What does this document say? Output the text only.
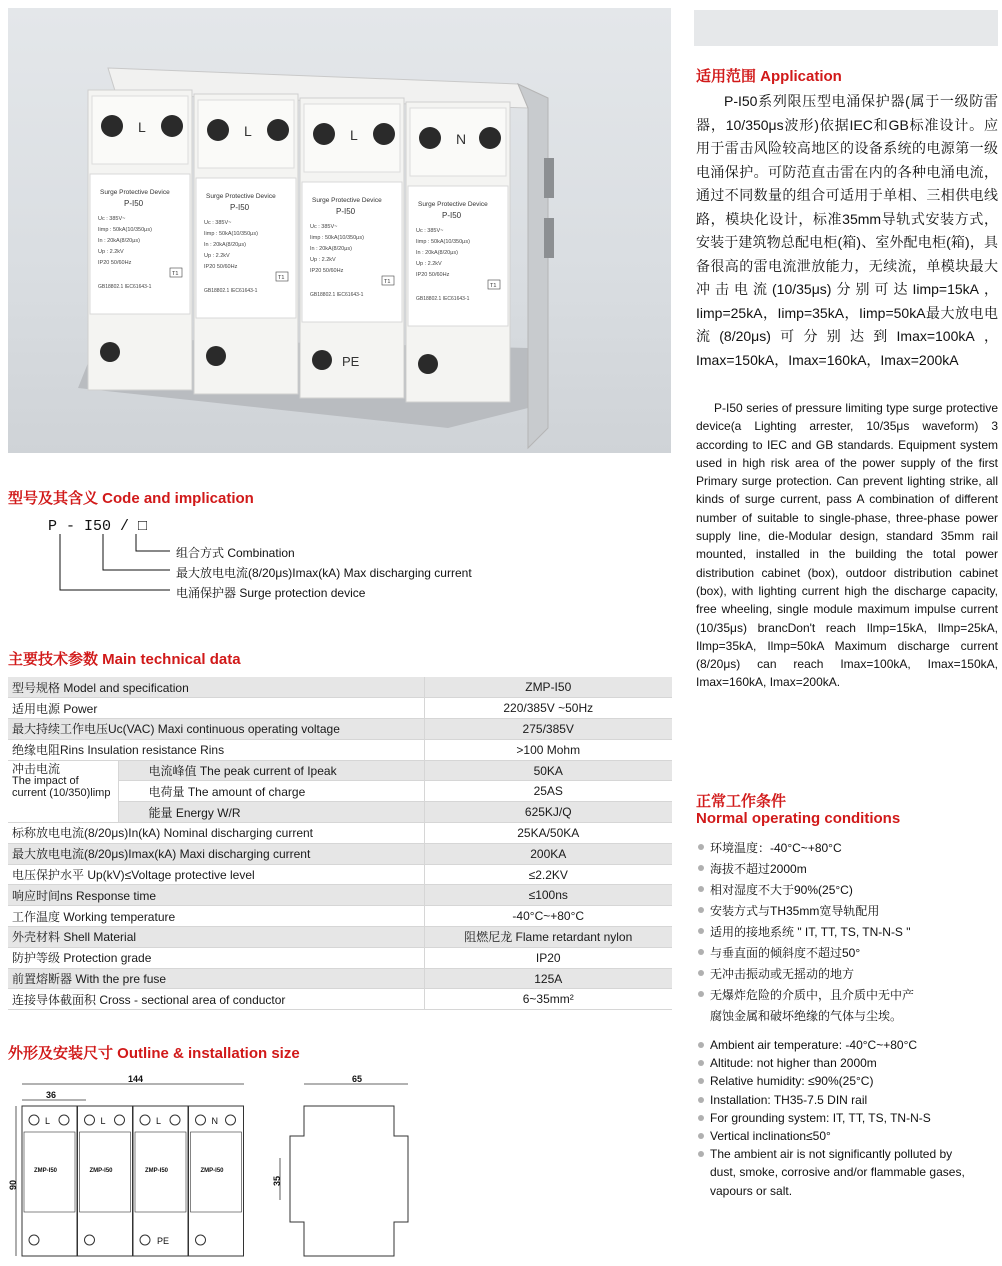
L
Surge Protective Device
P-I50
Uc : 385V~
Iimp : 50kA(10/350μs)
In : 20kA(8/20μs)
Up : 2.2kV
IP20 50/60Hz
T1
GB18802.1 IEC61643-1
L
Surge Protective Device
P-I50
Uc : 385V~
Iimp : 50kA(10/350μs)
In : 20kA(8/20μs)
Up : 2.2kV
IP20 50/60Hz
T1
GB18802.1 IEC61643-1
L
Surge Protective Device
P-I50
Uc : 385V~
Iimp : 50kA(10/350μs)
In : 20kA(8/20μs)
Up : 2.2kV
IP20 50/60Hz
T1
GB18802.1 IEC61643-1
PE
N
Surge Protective Device
P-I50
Uc : 385V~
Iimp : 50kA(10/350μs)
In : 20kA(8/20μs)
Up : 2.2kV
IP20 50/60Hz
T1
GB18802.1 IEC61643-1
适用范围 Application

P-I50系列限压型电涌保护器(属于一级防雷器，10/350μs波形)依据IEC和GB标准设计。应用于雷击风险较高地区的设备系统的电源第一级电涌保护。可防范直击雷在内的各种电涌电流，通过不同数量的组合可适用于单相、三相供电线路，模块化设计，标准35mm导轨式安装方式，安装于建筑物总配电柜(箱)、室外配电柜(箱)，具备很高的雷电流泄放能力，无续流，单模块最大冲击电流(10/35μs)分别可达Iimp=15kA，Iimp=25kA，Iimp=35kA，Iimp=50kA最大放电电流(8/20μs)可分别达到Imax=100kA，Imax=150kA，Imax=160kA，Imax=200kA

P-I50 series of pressure limiting type surge protective device(a Lighting arrester, 10/35μs waveform) 3 according to IEC and GB standards. Equipment system used in high risk area of the power supply of the first Primary surge protection. Can prevent lighting strike, all kinds of surge current, pass A combination of different number of suitable to single-phase, three-phase power supply line, die-Modular design, standard 35mm rail mounted, installed in the building the total power distribution cabinet (box), outdoor distribution cabinet (box), with lighting current high the discharge capacity, free wheeling, single module maximum impulse current (10/35μs) brancDon't reach Ilmp=15kA, Ilmp=25kA, Ilmp=35kA, Ilmp=50kA Maximum discharge current (8/20μs) can reach Imax=100kA, Imax=150kA, Imax=160kA, Imax=200kA.

型号及其含义 Code and implication
P - I50 / □
组合方式 Combination
最大放电电流(8/20μs)Imax(kA) Max discharging current
电涌保护器 Surge protection device
主要技术参数 Main technical data
型号规格 Model and specification		ZMP-I50
适用电源 Power		220/385V ~50Hz
最大持续工作电压Uc(VAC) Maxi continuous operating voltage		275/385V
绝缘电阻Rins Insulation resistance Rins		>100 Mohm
冲击电流
The impact of current (10/350)limp	电流峰值 The peak current of Ipeak	50KA
	电荷量 The amount of charge	25AS
	能量 Energy W/R	625KJ/Q
标称放电电流(8/20μs)In(kA) Nominal discharging current		25KA/50KA
最大放电电流(8/20μs)Imax(kA) Maxi discharging current		200KA
电压保护水平 Up(kV)≤Voltage protective level		≤2.2KV
响应时间ns Response time		≤100ns
工作温度 Working temperature		-40°C~+80°C
外壳材料 Shell Material		阻燃尼龙 Flame retardant nylon
防护等级 Protection grade		IP20
前置熔断器 With the pre fuse		125A
连接导体截面积 Cross - sectional area of conductor		6~35mm²
正常工作条件
Normal operating conditions
环境温度：-40°C~+80°C
海拔不超过2000m
相对湿度不大于90%(25°C)
安装方式与TH35mm宽导轨配用
适用的接地系统 " IT, TT, TS, TN-N-S "
与垂直面的倾斜度不超过50°
无冲击振动或无摇动的地方
无爆炸危险的介质中，且介质中无中产腐蚀金属和破坏绝缘的气体与尘埃。
Ambient air temperature: -40°C~+80°C
Altitude: not higher than 2000m
Relative humidity: ≤90%(25°C)
Installation: TH35-7.5 DIN rail
For grounding system: IT, TT, TS, TN-N-S
Vertical inclination≤50°
The ambient air is not significantly polluted by dust, smoke, corrosive and/or flammable gases, vapours or salt.
外形及安装尺寸 Outline & installation size
144
36
90
L
ZMP-I50
L
ZMP-I50
L
ZMP-I50
N
ZMP-I50
PE
65
35
